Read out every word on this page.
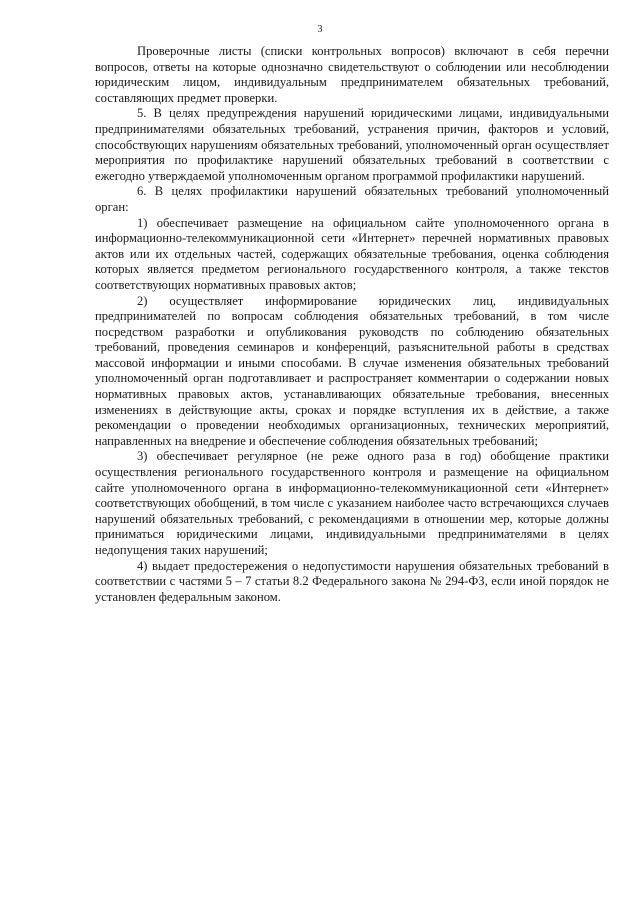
3

Проверочные листы (списки контрольных вопросов) включают в себя перечни вопросов, ответы на которые однозначно свидетельствуют о соблюдении или несоблюдении юридическим лицом, индивидуальным предпринимателем обязательных требований, составляющих предмет проверки.

5. В целях предупреждения нарушений юридическими лицами, индивидуальными предпринимателями обязательных требований, устранения причин, факторов и условий, способствующих нарушениям обязательных требований, уполномоченный орган осуществляет мероприятия по профилактике нарушений обязательных требований в соответствии с ежегодно утверждаемой уполномоченным органом программой профилактики нарушений.

6. В целях профилактики нарушений обязательных требований уполномоченный орган:

1) обеспечивает размещение на официальном сайте уполномоченного органа в информационно-телекоммуникационной сети «Интернет» перечней нормативных правовых актов или их отдельных частей, содержащих обязательные требования, оценка соблюдения которых является предметом регионального государственного контроля, а также текстов соответствующих нормативных правовых актов;

2) осуществляет информирование юридических лиц, индивидуальных предпринимателей по вопросам соблюдения обязательных требований, в том числе посредством разработки и опубликования руководств по соблюдению обязательных требований, проведения семинаров и конференций, разъяснительной работы в средствах массовой информации и иными способами. В случае изменения обязательных требований уполномоченный орган подготавливает и распространяет комментарии о содержании новых нормативных правовых актов, устанавливающих обязательные требования, внесенных изменениях в действующие акты, сроках и порядке вступления их в действие, а также рекомендации о проведении необходимых организационных, технических мероприятий, направленных на внедрение и обеспечение соблюдения обязательных требований;

3) обеспечивает регулярное (не реже одного раза в год) обобщение практики осуществления регионального государственного контроля и размещение на официальном сайте уполномоченного органа в информационно-телекоммуникационной сети «Интернет» соответствующих обобщений, в том числе с указанием наиболее часто встречающихся случаев нарушений обязательных требований, с рекомендациями в отношении мер, которые должны приниматься юридическими лицами, индивидуальными предпринимателями в целях недопущения таких нарушений;

4) выдает предостережения о недопустимости нарушения обязательных требований в соответствии с частями 5 – 7 статьи 8.2 Федерального закона № 294-ФЗ, если иной порядок не установлен федеральным законом.
